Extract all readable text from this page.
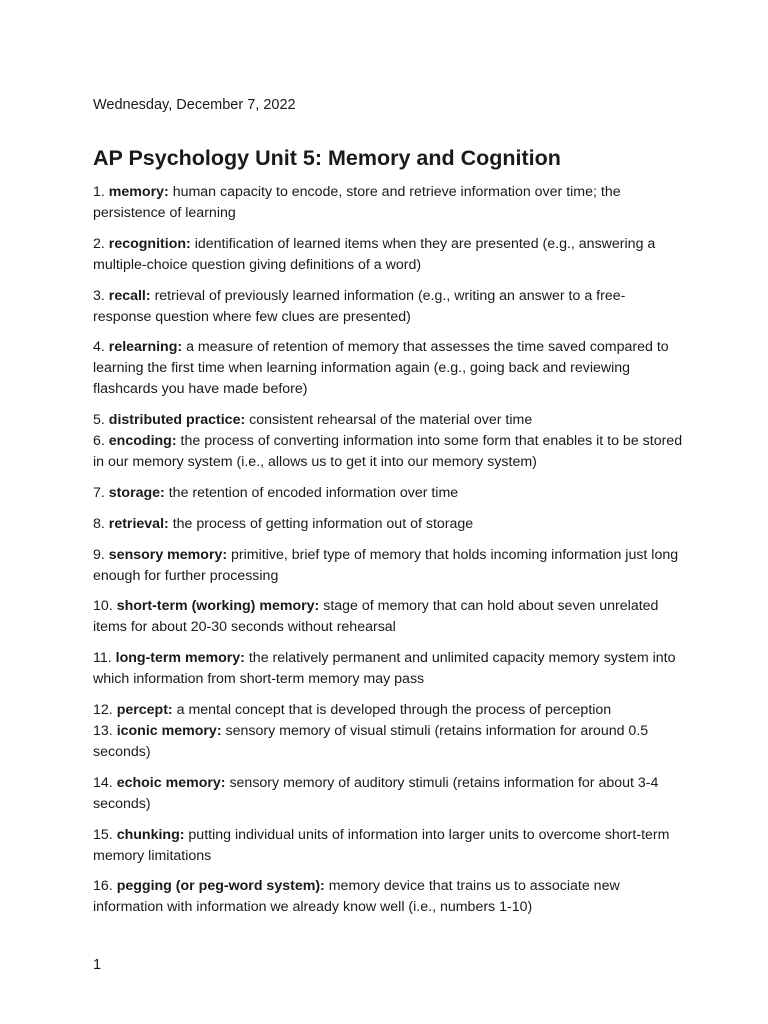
Wednesday, December 7, 2022
AP Psychology Unit 5: Memory and Cognition

1. memory: human capacity to encode, store and retrieve information over time; the persistence of learning

2. recognition: identification of learned items when they are presented (e.g., answering a multiple-choice question giving definitions of a word)

3. recall: retrieval of previously learned information (e.g., writing an answer to a free-response question where few clues are presented)

4. relearning: a measure of retention of memory that assesses the time saved compared to learning the first time when learning information again (e.g., going back and reviewing flashcards you have made before)

5. distributed practice: consistent rehearsal of the material over time

6. encoding: the process of converting information into some form that enables it to be stored in our memory system (i.e., allows us to get it into our memory system)

7. storage: the retention of encoded information over time

8. retrieval: the process of getting information out of storage

9. sensory memory: primitive, brief type of memory that holds incoming information just long enough for further processing

10. short-term (working) memory: stage of memory that can hold about seven unrelated items for about 20-30 seconds without rehearsal

11. long-term memory: the relatively permanent and unlimited capacity memory system into which information from short-term memory may pass

12. percept: a mental concept that is developed through the process of perception

13. iconic memory: sensory memory of visual stimuli (retains information for around 0.5 seconds)

14. echoic memory: sensory memory of auditory stimuli (retains information for about 3-4 seconds)

15. chunking: putting individual units of information into larger units to overcome short-term memory limitations

16. pegging (or peg-word system): memory device that trains us to associate new information with information we already know well (i.e., numbers 1-10)

1
